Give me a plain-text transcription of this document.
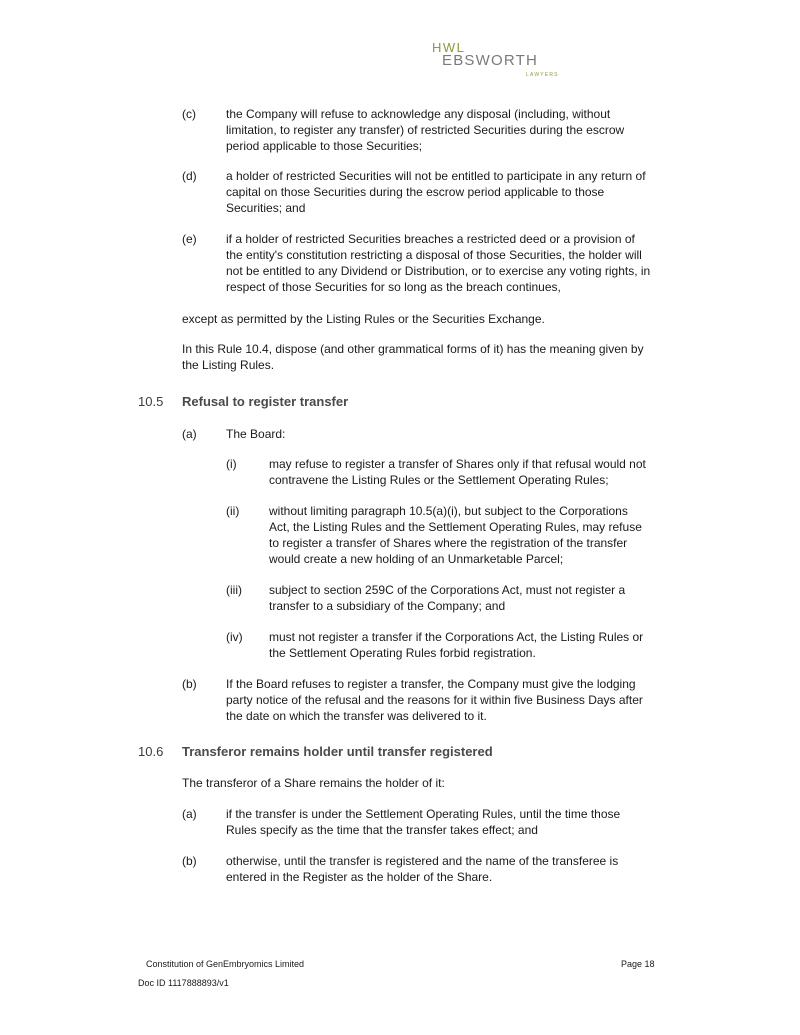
HWL
EBSWORTH
LAWYERS
(c)	the Company will refuse to acknowledge any disposal (including, without
limitation, to register any transfer) of restricted Securities during the escrow
period applicable to those Securities;
(d) a holder of restricted Securities will not be entitled to participate in any return of
capital on those Securities during the escrow period applicable to those
Securities; and
(e) if a holder of restricted Securities breaches a restricted deed or a provision of
the entity's constitution restricting a disposal of those Securities, the holder will
not be entitled to any Dividend or Distribution, or to exercise any voting rights, in
respect of those Securities for so long as the breach continues,
except as permitted by the Listing Rules or the Securities Exchange.
In this Rule 10.4, dispose (and other grammatical forms of it) has the meaning given by
the Listing Rules.
10.5 Refusal to register transfer
(a) The Board:
(i)	may refuse to register a transfer of Shares only if that refusal would not
contravene the Listing Rules or the Settlement Operating Rules;
(ii) without limiting paragraph 10.5(a)(i), but subject to the Corporations
Act, the Listing Rules and the Settlement Operating Rules, may refuse
to register a transfer of Shares where the registration of the transfer
would create a new holding of an Unmarketable Parcel;
(iii) subject to section 259C of the Corporations Act, must not register a
transfer to a subsidiary of the Company; and
(iv) must not register a transfer if the Corporations Act, the Listing Rules or
the Settlement Operating Rules forbid registration.
(b) If the Board refuses to register a transfer, the Company must give the lodging
party notice of the refusal and the reasons for it within five Business Days after
the date on which the transfer was delivered to it.
10.6 Transferor remains holder until transfer registered
The transferor of a Share remains the holder of it:
(a) if the transfer is under the Settlement Operating Rules, until the time those
Rules specify as the time that the transfer takes effect; and
(b) otherwise, until the transfer is registered and the name of the transferee is
entered in the Register as the holder of the Share.
Constitution of GenEmbryomics Limited	Page 18
Doc ID 1117888893/v1
